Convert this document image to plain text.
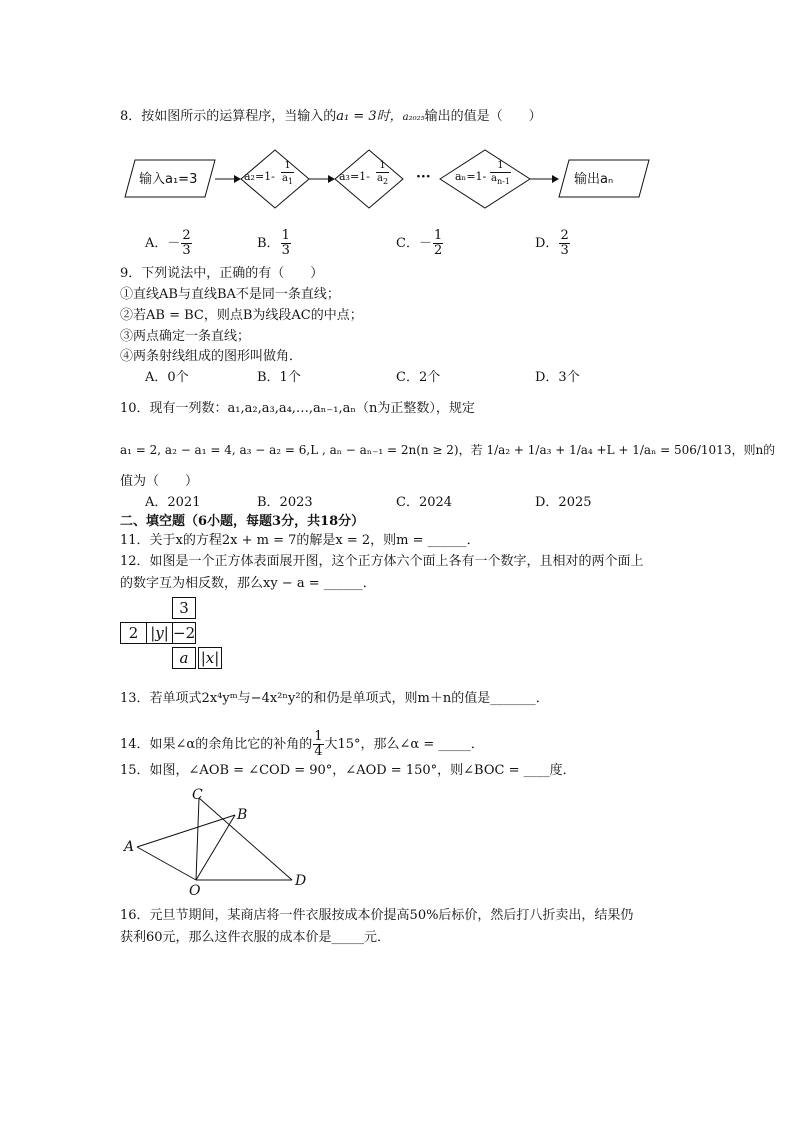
8．按如图所示的运算程序，当输入的a₁ = 3时，a₂₀₂₅输出的值是（　　）
输入a₁=3	a₂=1-
1
$a_1$	a₃=1-
1
$a_2$ ··· aₙ=1-
1
$a_{n-1}$	输出aₙ
A．－ $\frac{2}{3}$	B． $\frac{1}{3}$	C．－ $\frac{1}{2}$	D． $\frac{2}{3}$
9．下列说法中，正确的有（　　）
①直线AB与直线BA不是同一条直线；
②若AB = BC，则点B为线段AC的中点；
③两点确定一条直线；
④两条射线组成的图形叫做角．
A．0个	B．1个	C．2个	D．3个
10．现有一列数：a₁,a₂,a₃,a₄,…,aₙ₋₁,aₙ（n为正整数），规定
a₁ = 2, a₂ − a₁ = 4, a₃ − a₂ = 6,L , aₙ − aₙ₋₁ = 2n(n ≥ 2)，若 1/a₂ + 1/a₃ + 1/a₄ +L + 1/aₙ = 506/1013，则n的
值为（　　）
A．2021	B．2023	C．2024	D．2025
二、填空题（6小题，每题3分，共18分）
11．关于x的方程2x + m = 7的解是x = 2，则m = ______．
12．如图是一个正方体表面展开图，这个正方体六个面上各有一个数字，且相对的两个面上
的数字互为相反数，那么xy − a = ______．
3
2 |y| −2
a |x|
13．若单项式2x⁴yᵐ与−4x²ⁿy²的和仍是单项式，则m＋n的值是_______．
14．如果∠α的余角比它的补角的 $\frac{1}{4}$ 大15°，那么∠α = _____．
15．如图，∠AOB = ∠COD = 90°，∠AOD = 150°，则∠BOC = ____度．
C
B
A
O
D
16．元旦节期间，某商店将一件衣服按成本价提高50%后标价，然后打八折卖出，结果仍
获利60元，那么这件衣服的成本价是_____元．
